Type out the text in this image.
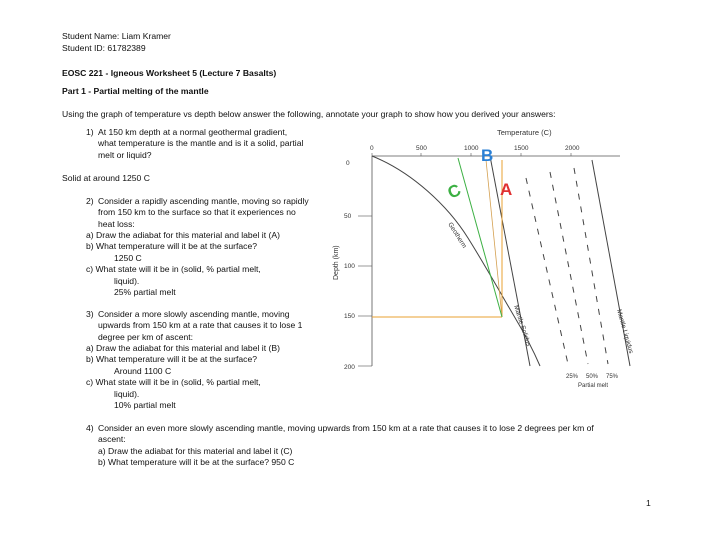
Student Name: Liam Kramer
Student ID: 61782389
EOSC 221 - Igneous Worksheet 5 (Lecture 7 Basalts)
Part 1 - Partial melting of the mantle
Using the graph of temperature vs depth below answer the following, annotate your graph to show how you derived your answers:
1) At 150 km depth at a normal geothermal gradient,
what temperature is the mantle and is it a solid, partial
melt or liquid?
Solid at around 1250 C
2) Consider a rapidly ascending mantle, moving so rapidly
from 150 km to the surface so that it experiences no
heat loss:
a) Draw the adiabat for this material and label it (A)
b) What temperature will it be at the surface?
1250 C
c) What state will it be in (solid, % partial melt,
liquid).
25% partial melt
3) Consider a more slowly ascending mantle, moving
upwards from 150 km at a rate that causes it to lose 1
degree per km of ascent:
a) Draw the adiabat for this material and label it (B)
b) What temperature will it be at the surface?
Around 1100 C
c) What state will it be in (solid, % partial melt,
liquid).
10% partial melt
4) Consider an even more slowly ascending mantle, moving upwards from 150 km at a rate that causes it to lose 2 degrees per km of
ascent:
a) Draw the adiabat for this material and label it (C)
b) What temperature will it be at the surface? 950 C
Temperature (C)
0	500	1000	1500	2000
0
50
100
150
200
Depth (km)
Geotherm
Mantle Solidus	Mantle Liquidus
25% 50% 75%
Partial melt
A
B
C
1
